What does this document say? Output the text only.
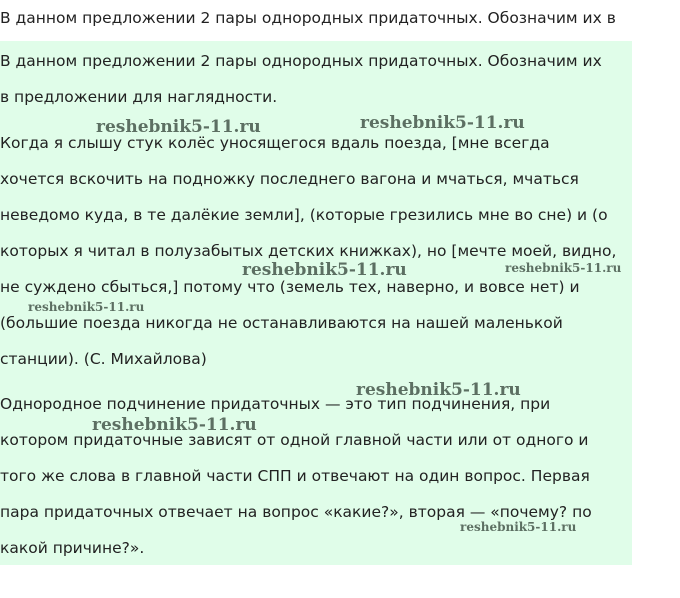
В данном предложении 2 пары однородных придаточных. Обозначим их в

В данном предложении 2 пары однородных придаточных. Обозначим их
в предложении для наглядности.

Когда я слышу стук колёс уносящегося вдаль поезда, [мне всегда
хочется вскочить на подножку последнего вагона и мчаться, мчаться
неведомо куда, в те далёкие земли], (которые грезились мне во сне) и (о
которых я читал в полузабытых детских книжках), но [мечте моей, видно,
не суждено сбыться,] потому что (земель тех, наверно, и вовсе нет) и
(большие поезда никогда не останавливаются на нашей маленькой
станции). (С. Михайлова)

Однородное подчинение придаточных — это тип подчинения, при
котором придаточные зависят от одной главной части или от одного и
того же слова в главной части СПП и отвечают на один вопрос. Первая
пара придаточных отвечает на вопрос «какие?», вторая — «почему? по
какой причине?».

reshebnik5-11.ru	reshebnik5-11.ru
reshebnik5-11.ru	reshebnik5-11.ru
reshebnik5-11.ru
reshebnik5-11.ru
reshebnik5-11.ru
reshebnik5-11.ru
